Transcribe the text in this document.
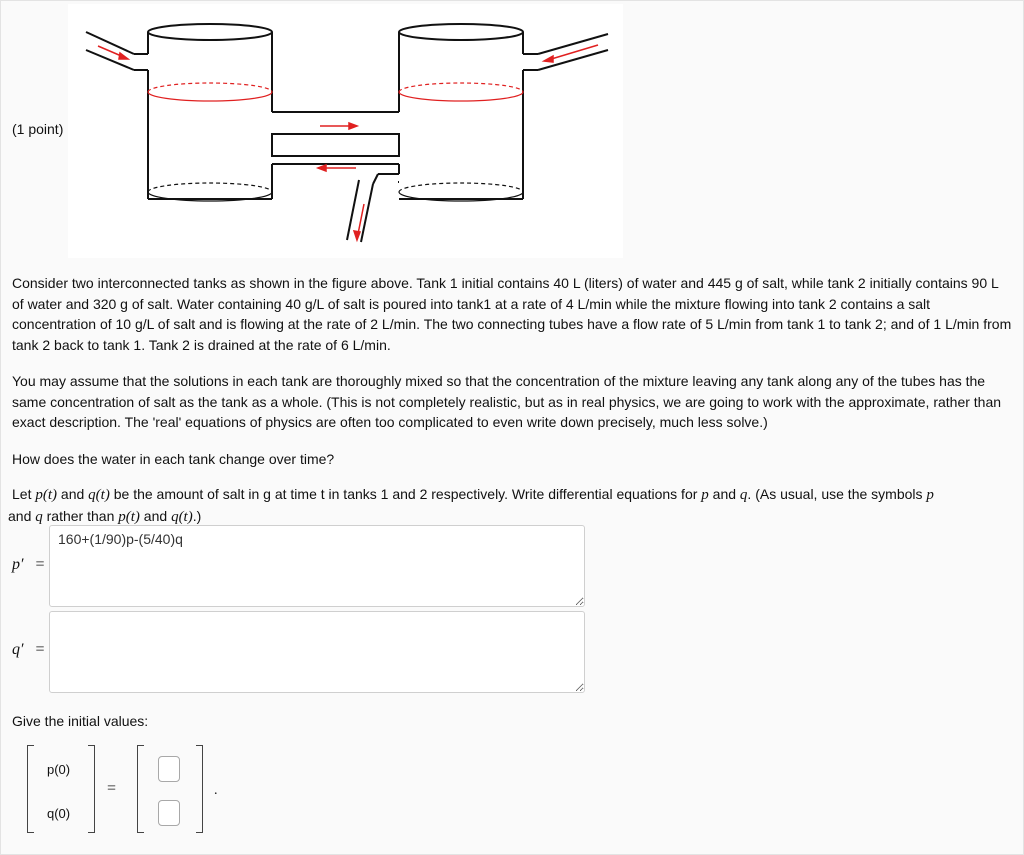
(1 point)
Consider two interconnected tanks as shown in the figure above. Tank 1 initial contains 40 L (liters) of water and 445 g of salt, while tank 2 initially contains 90 L of water and 320 g of salt. Water containing 40 g/L of salt is poured into tank1 at a rate of 4 L/min while the mixture flowing into tank 2 contains a salt concentration of 10 g/L of salt and is flowing at the rate of 2 L/min. The two connecting tubes have a flow rate of 5 L/min from tank 1 to tank 2; and of 1 L/min from tank 2 back to tank 1. Tank 2 is drained at the rate of 6 L/min.
You may assume that the solutions in each tank are thoroughly mixed so that the concentration of the mixture leaving any tank along any of the tubes has the same concentration of salt as the tank as a whole. (This is not completely realistic, but as in real physics, we are going to work with the approximate, rather than exact description. The 'real' equations of physics are often too complicated to even write down precisely, much less solve.)
How does the water in each tank change over time?
Let p(t) and q(t) be the amount of salt in g at time t in tanks 1 and 2 respectively. Write differential equations for p and q. (As usual, use the symbols p
and q rather than p(t) and q(t).)
p′ =
160+(1/90)p-(5/40)q
q′ =
Give the initial values:
p(0)
q(0)
=	.
